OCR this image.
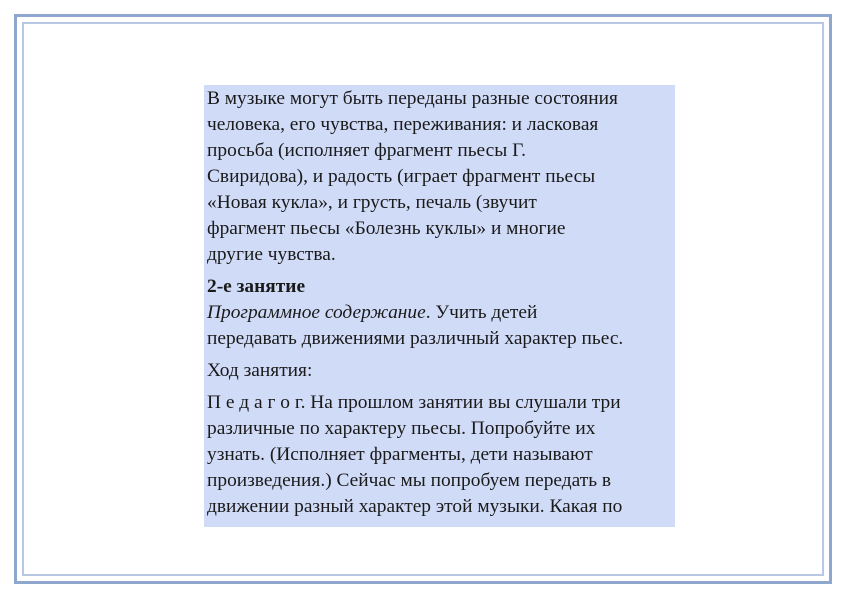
В музыке могут быть переданы разные состояния

человека, его чувства, переживания: и ласковая

просьба (исполняет фрагмент пьесы Г.

Свиридова), и радость (играет фрагмент пьесы

«Новая кукла», и грусть, печаль (звучит

фрагмент пьесы «Болезнь куклы» и многие

другие чувства.

2-е занятие

Программное содержание. Учить детей

передавать движениями различный характер пьес.

Ход занятия:

П е д а г о г. На прошлом занятии вы слушали три

различные по характеру пьесы. Попробуйте их

узнать. (Исполняет фрагменты, дети называют

произведения.) Сейчас мы попробуем передать в

движении разный характер этой музыки. Какая по
